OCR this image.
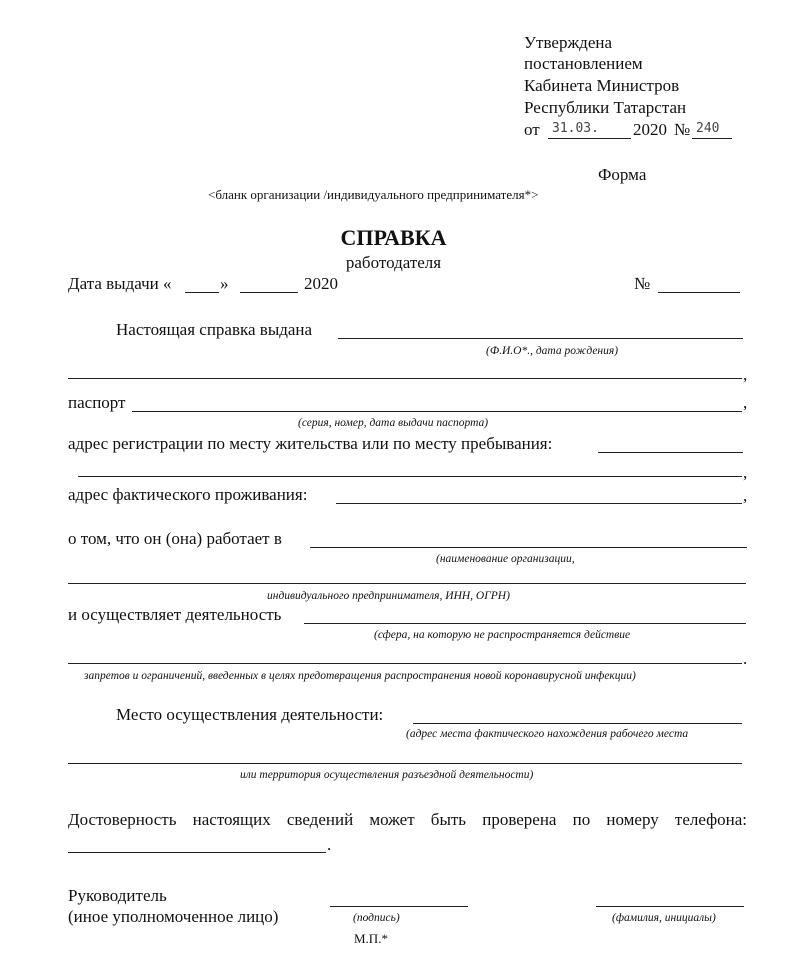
Утверждена
постановлением
Кабинета Министров
Республики Татарстан
от 31.03. 2020 № 240
Форма
<бланк организации /индивидуального предпринимателя*>
СПРАВКА
работодателя
Дата выдачи «	»	2020	№
Настоящая справка выдана
(Ф.И.О*., дата рождения)
,
паспорт	,
(серия, номер, дата выдачи паспорта)
адрес регистрации по месту жительства или по месту пребывания:
,
адрес фактического проживания:	,
о том, что он (она) работает в
(наименование организации,
индивидуального предпринимателя, ИНН, ОГРН)
и осуществляет деятельность
(сфера, на которую не распространяется действие
.
запретов и ограничений, введенных в целях предотвращения распространения новой коронавирусной инфекции)
Место осуществления деятельности:
(адрес места фактического нахождения рабочего места
или территория осуществления разъездной деятельности)
Достоверность настоящих сведений может быть проверена по номеру телефона:
.
Руководитель
(иное уполномоченное лицо)	(подпись)	(фамилия, инициалы)
М.П.*
